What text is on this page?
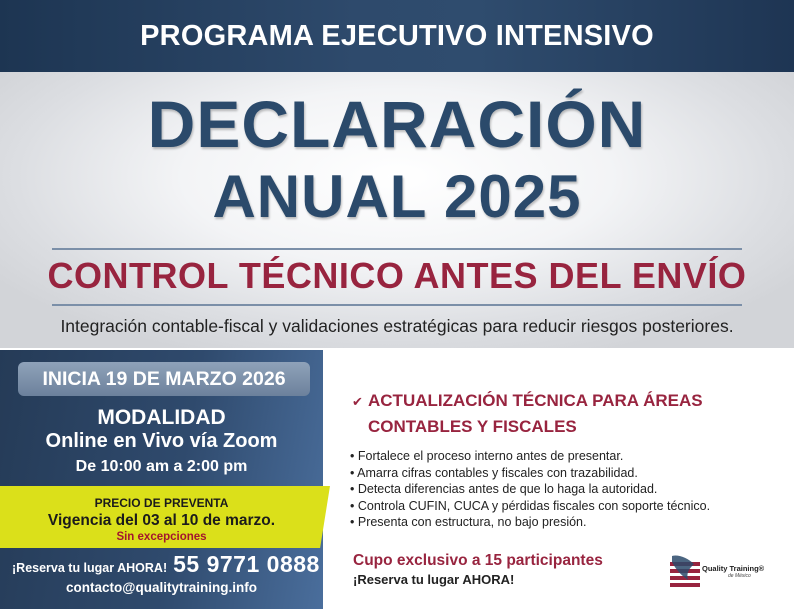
PROGRAMA EJECUTIVO INTENSIVO
DECLARACIÓN
ANUAL 2025
CONTROL TÉCNICO ANTES DEL ENVÍO
Integración contable-fiscal y validaciones estratégicas para reducir riesgos posteriores.
INICIA 19 DE MARZO 2026
MODALIDAD
Online en Vivo vía Zoom
De 10:00 am a 2:00 pm
PRECIO DE PREVENTA
Vigencia del 03 al 10 de marzo.
Sin excepciones
¡Reserva tu lugar AHORA! 55 9771 0888
contacto@qualitytraining.info
✔ ACTUALIZACIÓN TÉCNICA PARA ÁREAS
CONTABLES Y FISCALES
• Fortalece el proceso interno antes de presentar.
• Amarra cifras contables y fiscales con trazabilidad.
• Detecta diferencias antes de que lo haga la autoridad.
• Controla CUFIN, CUCA y pérdidas fiscales con soporte técnico.
• Presenta con estructura, no bajo presión.
Cupo exclusivo a 15 participantes
¡Reserva tu lugar AHORA!
Quality Training®
de México
